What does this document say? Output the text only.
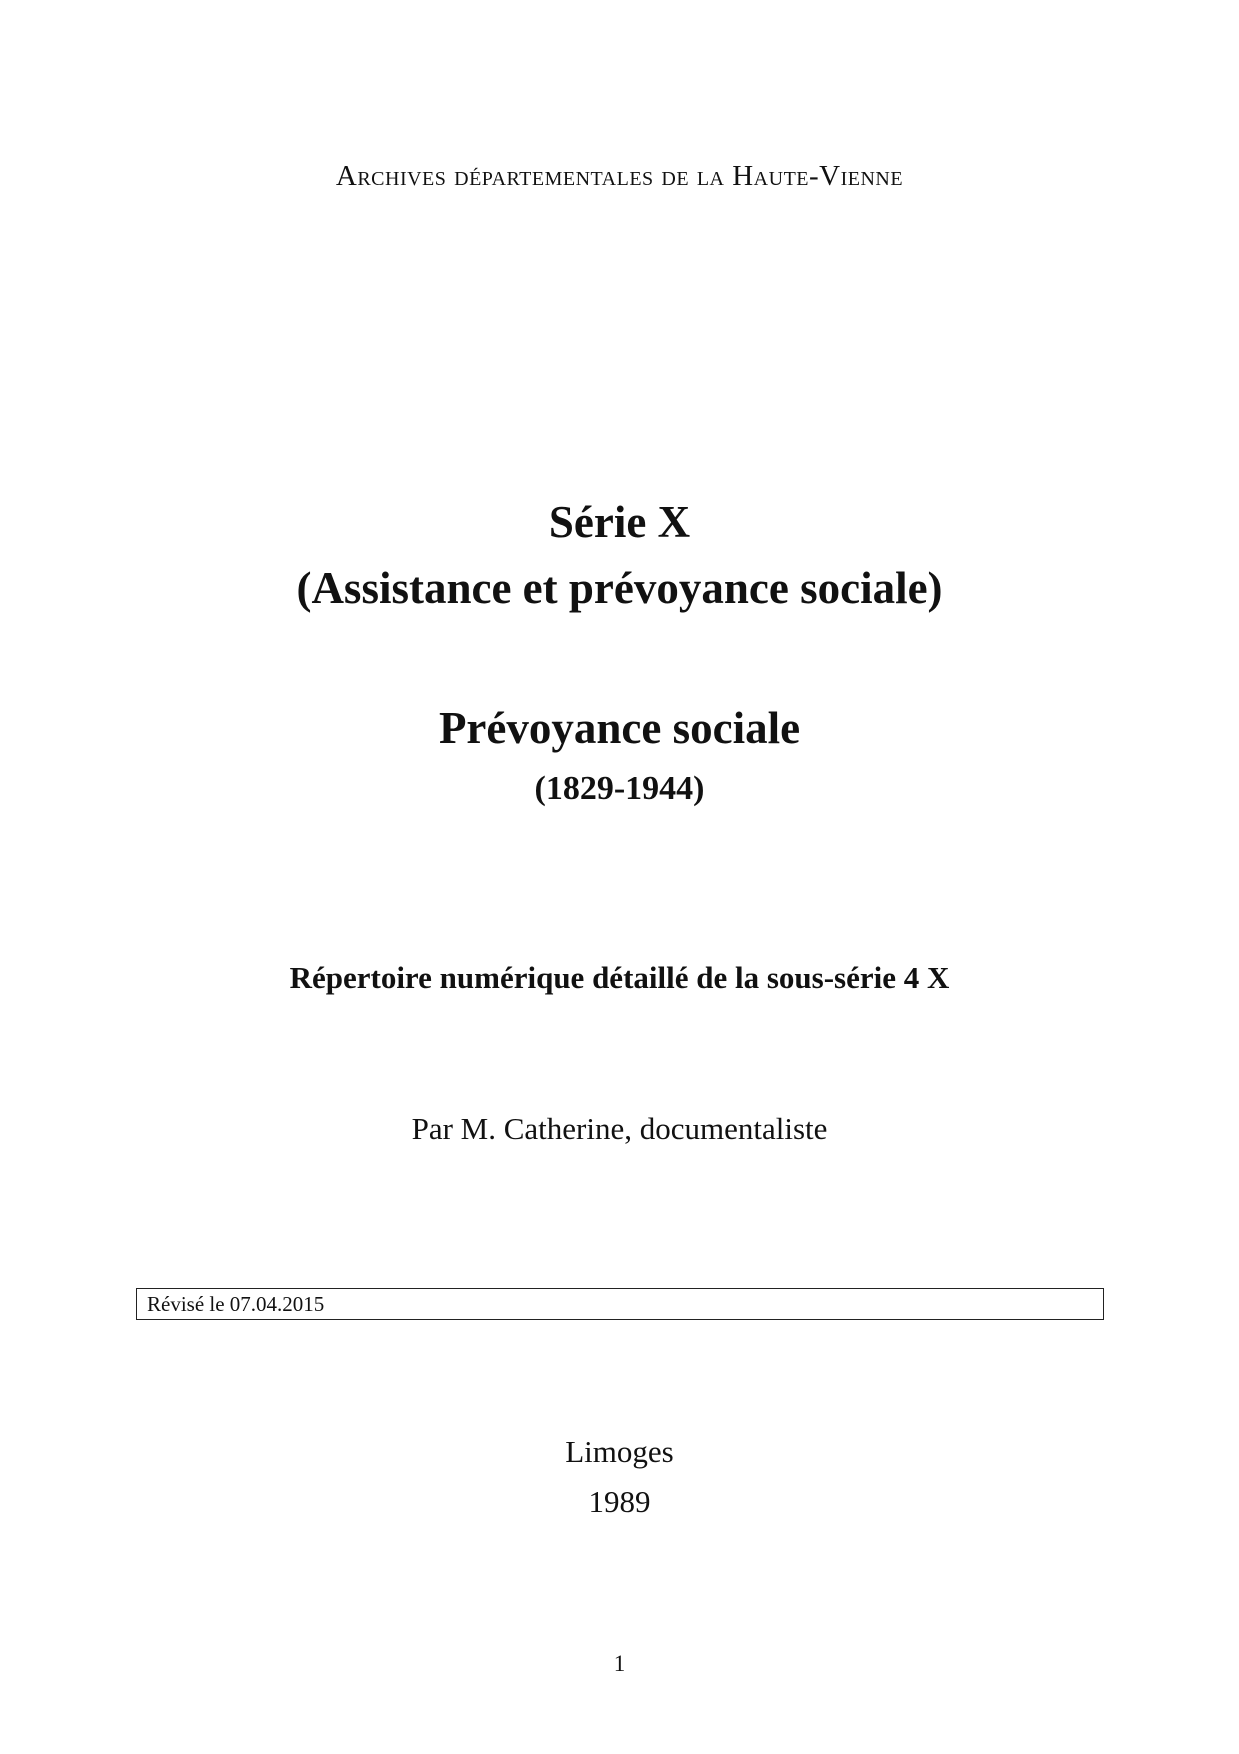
Archives départementales de la Haute-Vienne
Série X
(Assistance et prévoyance sociale)
Prévoyance sociale
(1829-1944)
Répertoire numérique détaillé de la sous-série 4 X
Par M. Catherine, documentaliste
Révisé le 07.04.2015
Limoges
1989
1
